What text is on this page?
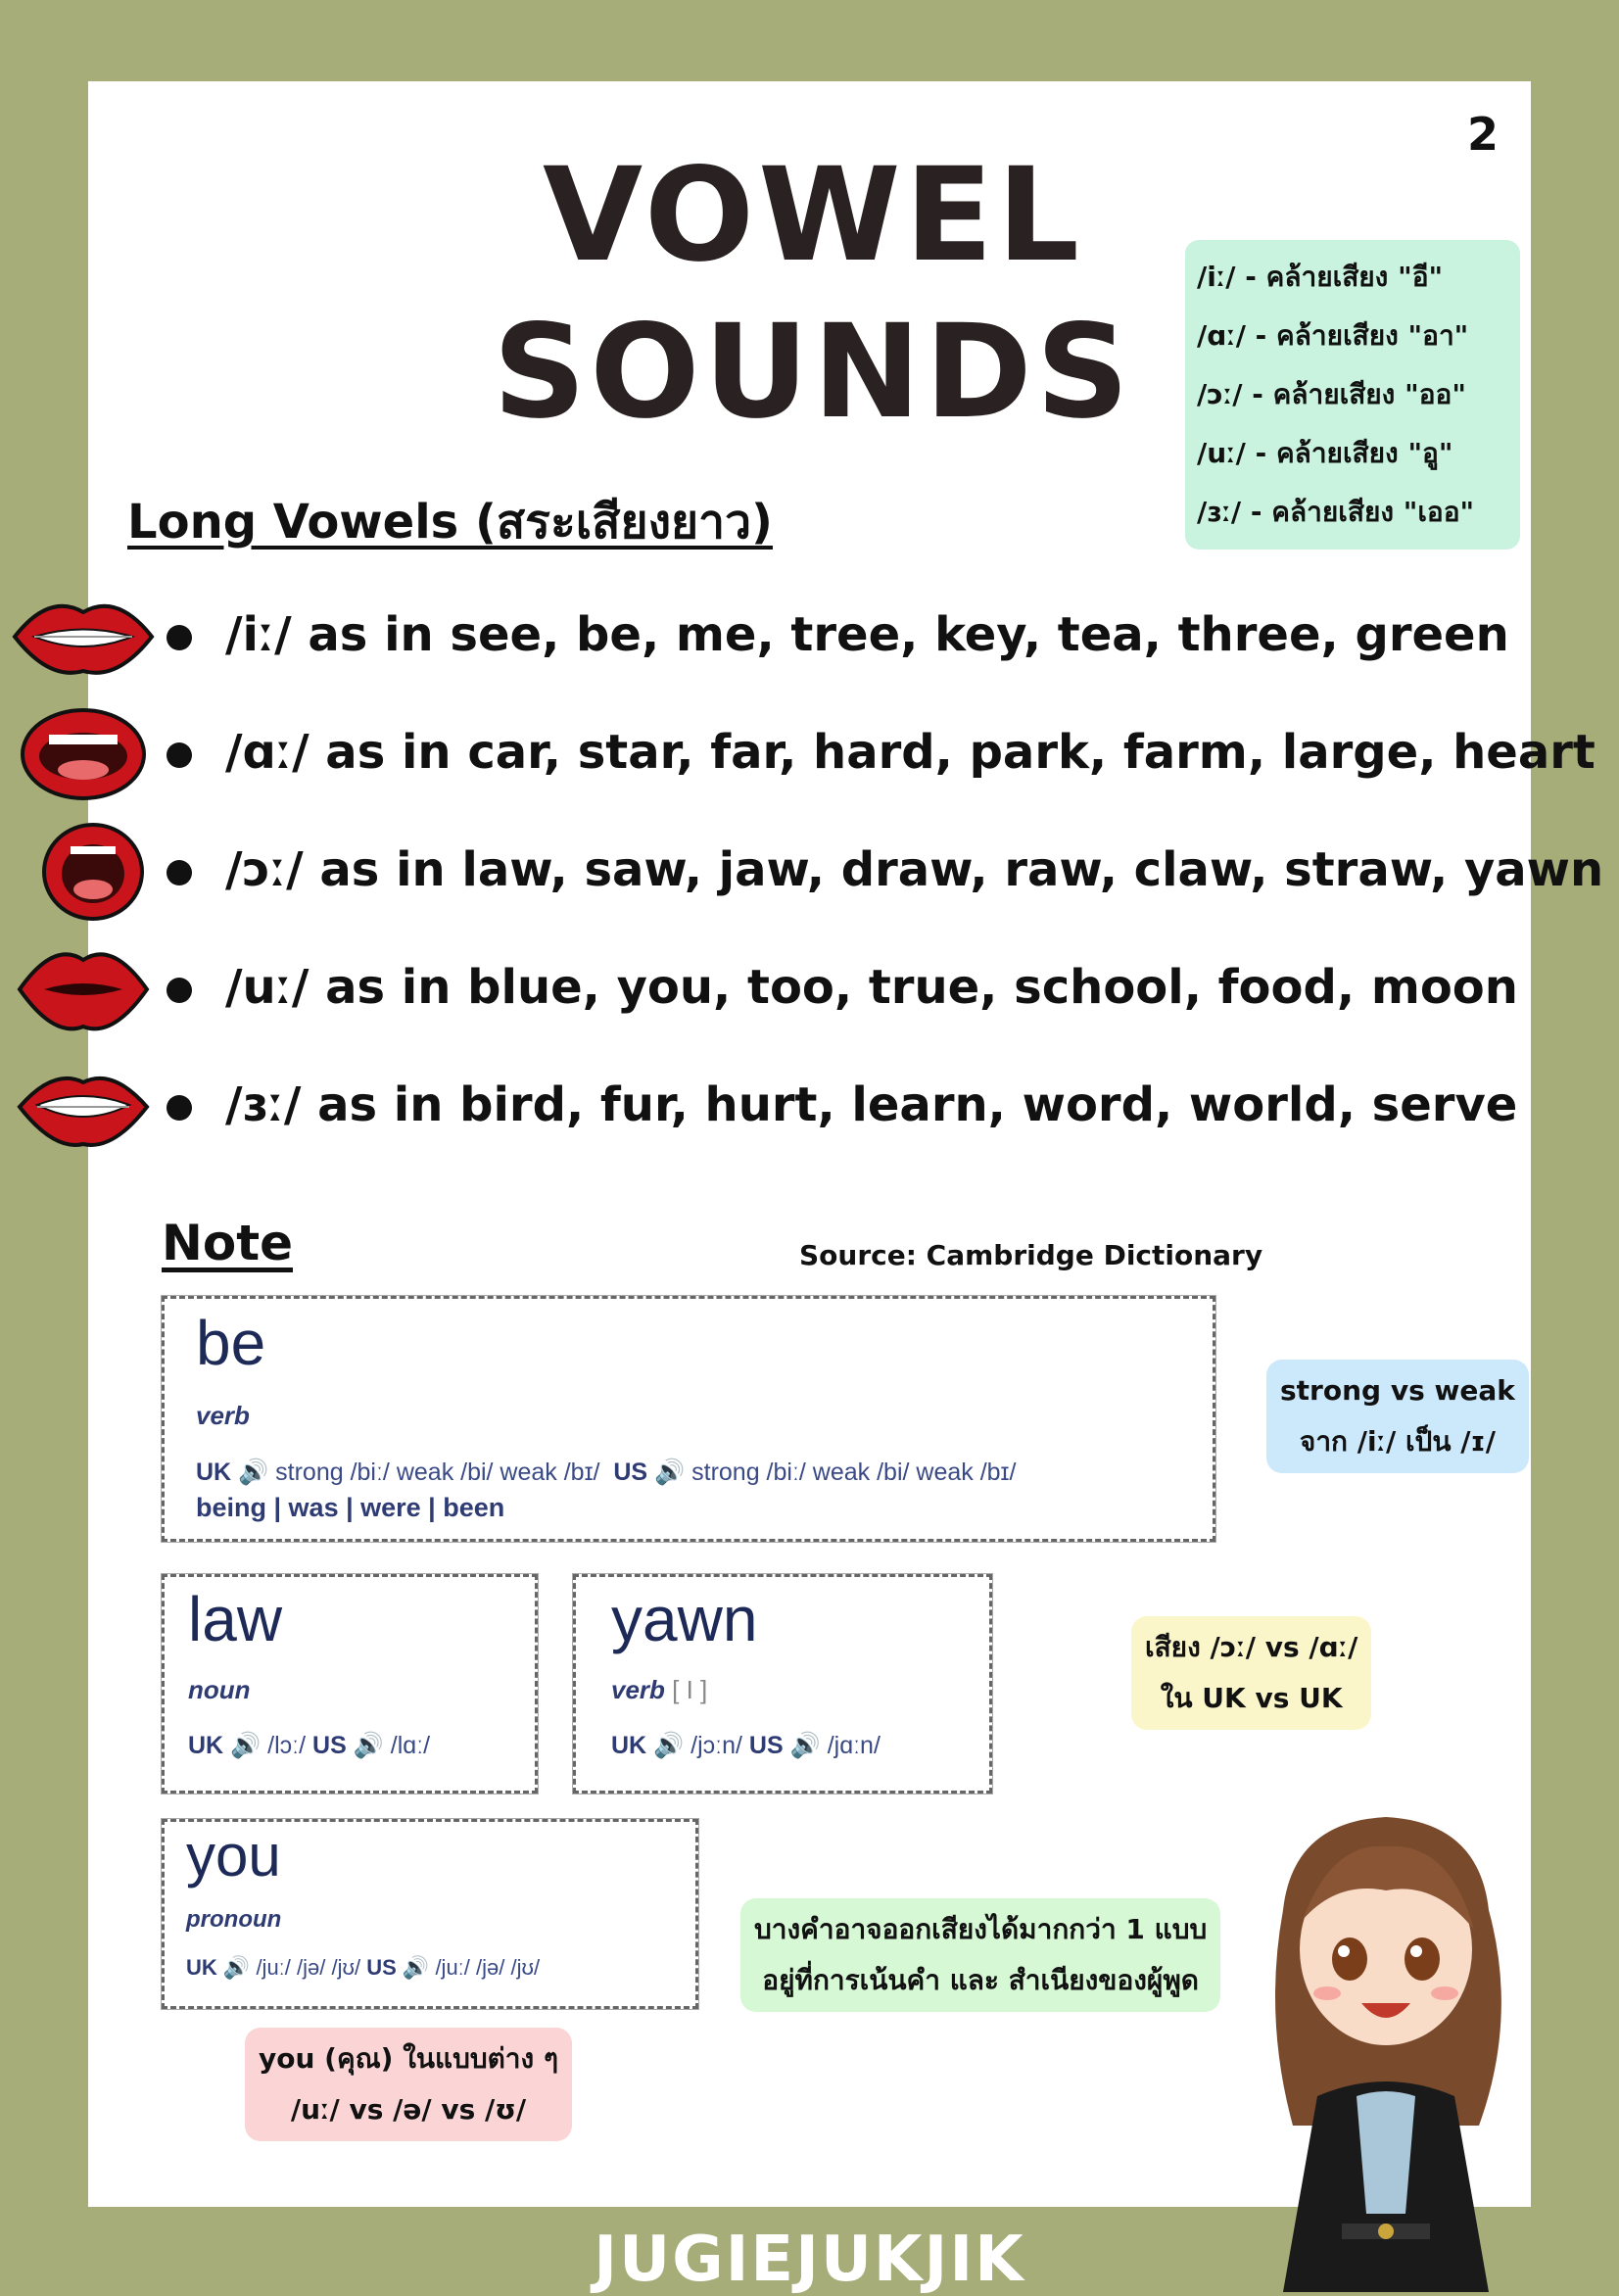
2
VOWEL
SOUNDS
/iː/ - คล้ายเสียง "อี"
/ɑː/ - คล้ายเสียง "อา"
/ɔː/ - คล้ายเสียง "ออ"
/uː/ - คล้ายเสียง "อู"
/ɜː/ - คล้ายเสียง "เออ"
Long Vowels (สระเสียงยาว)
/iː/ as in see, be, me, tree, key, tea, three, green
/ɑː/ as in car, star, far, hard, park, farm, large, heart
/ɔː/ as in law, saw, jaw, draw, raw, claw, straw, yawn
/uː/ as in blue, you, too, true, school, food, moon
/ɜː/ as in bird, fur, hurt, learn, word, world, serve
Note	Source: Cambridge Dictionary
be
verb
UK 🔊 strong /biː/ weak /bi/ weak /bɪ/ US 🔊 strong /biː/ weak /bi/ weak /bɪ/
being | was | were | been
law
noun
UK 🔊 /lɔː/ US 🔊 /lɑː/
yawn
verb [ I ]
UK 🔊 /jɔːn/ US 🔊 /jɑːn/
you
pronoun
UK 🔊 /juː/ /jə/ /jʊ/ US 🔊 /juː/ /jə/ /jʊ/
strong vs weak
จาก /iː/ เป็น /ɪ/
เสียง /ɔː/ vs /ɑː/
ใน UK vs UK
บางคำอาจออกเสียงได้มากกว่า 1 แบบ
อยู่ที่การเน้นคำ และ สำเนียงของผู้พูด
you (คุณ) ในแบบต่าง ๆ
/uː/ vs /ə/ vs /ʊ/
JUGIEJUKJIK
